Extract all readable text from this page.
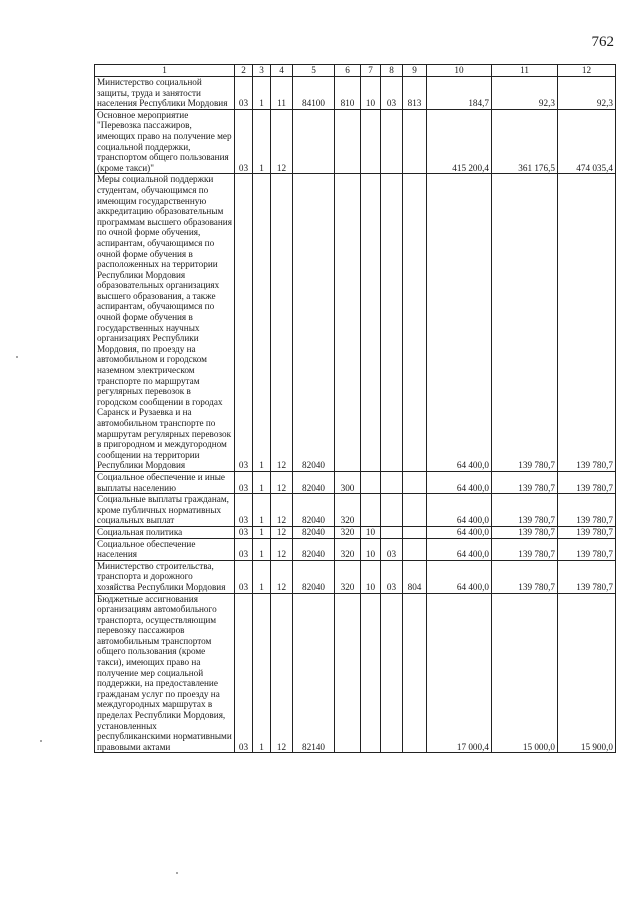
762
1	2	3	4	5	6	7	8	9	10	11	12
Министерство социальной защиты, труда и занятости населения Республики Мордовия	03	1	11	84100	810	10	03	813	184,7	92,3	92,3
Основное мероприятие "Перевозка пассажиров, имеющих право на получение мер социальной поддержки, транспортом общего пользования (кроме такси)"	03	1	12						415 200,4	361 176,5	474 035,4
Меры социальной поддержки студентам, обучающимся по имеющим государственную аккредитацию образовательным программам высшего образования по очной форме обучения, аспирантам, обучающимся по очной форме обучения в расположенных на территории Республики Мордовия образовательных организациях высшего образования, а также аспирантам, обучающимся по очной форме обучения в государственных научных организациях Республики Мордовия, по проезду на автомобильном и городском наземном электрическом транспорте по маршрутам регулярных перевозок в городском сообщении в городах Саранск и Рузаевка и на автомобильном транспорте по маршрутам регулярных перевозок в пригородном и междугородном сообщении на территории Республики Мордовия	03	1	12	82040					64 400,0	139 780,7	139 780,7
Социальное обеспечение и иные выплаты населению	03	1	12	82040	300				64 400,0	139 780,7	139 780,7
Социальные выплаты гражданам, кроме публичных нормативных социальных выплат	03	1	12	82040	320				64 400,0	139 780,7	139 780,7
Социальная политика	03	1	12	82040	320	10			64 400,0	139 780,7	139 780,7
Социальное обеспечение населения	03	1	12	82040	320	10	03		64 400,0	139 780,7	139 780,7
Министерство строительства, транспорта и дорожного хозяйства Республики Мордовия	03	1	12	82040	320	10	03	804	64 400,0	139 780,7	139 780,7
Бюджетные ассигнования организациям автомобильного транспорта, осуществляющим перевозку пассажиров автомобильным транспортом общего пользования (кроме такси), имеющих право на получение мер социальной поддержки, на предоставление гражданам услуг по проезду на междугородных маршрутах в пределах Республики Мордовия, установленных республиканскими нормативными правовыми актами	03	1	12	82140					17 000,4	15 000,0	15 900,0
